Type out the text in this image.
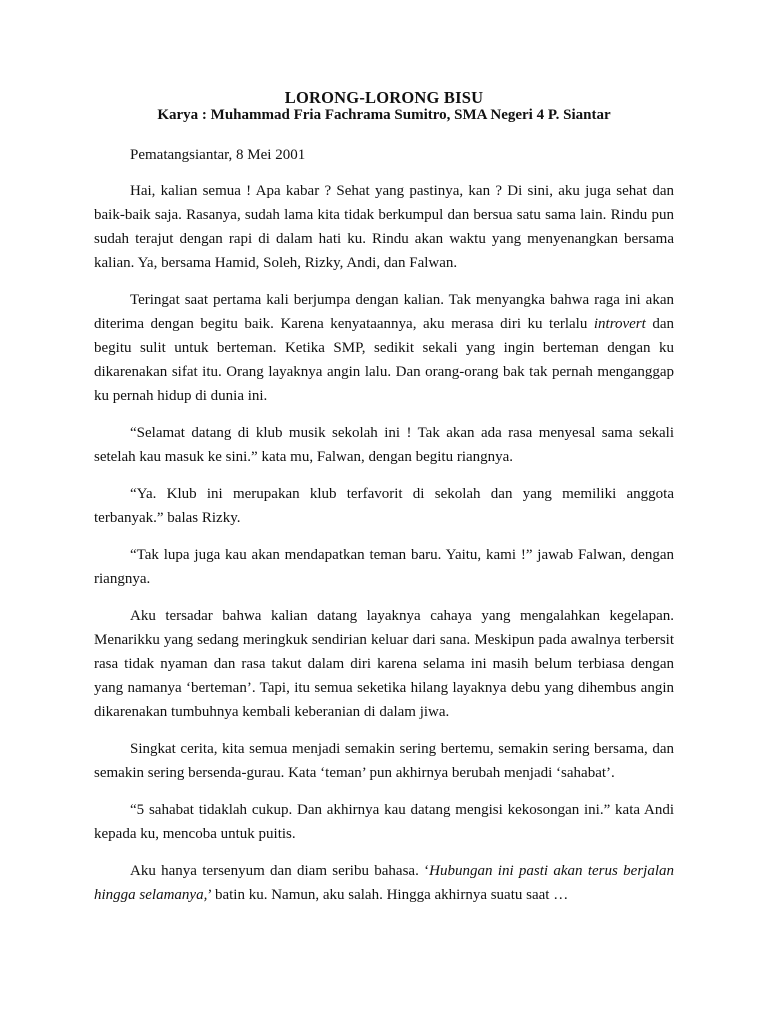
LORONG-LORONG BISU
Karya : Muhammad Fria Fachrama Sumitro, SMA Negeri 4 P. Siantar

Pematangsiantar, 8 Mei 2001

Hai, kalian semua ! Apa kabar ? Sehat yang pastinya, kan ? Di sini, aku juga sehat dan baik-baik saja. Rasanya, sudah lama kita tidak berkumpul dan bersua satu sama lain. Rindu pun sudah terajut dengan rapi di dalam hati ku. Rindu akan waktu yang menyenangkan bersama kalian. Ya, bersama Hamid, Soleh, Rizky, Andi, dan Falwan.

Teringat saat pertama kali berjumpa dengan kalian. Tak menyangka bahwa raga ini akan diterima dengan begitu baik. Karena kenyataannya, aku merasa diri ku terlalu introvert dan begitu sulit untuk berteman. Ketika SMP, sedikit sekali yang ingin berteman dengan ku dikarenakan sifat itu. Orang layaknya angin lalu. Dan orang-orang bak tak pernah menganggap ku pernah hidup di dunia ini.

“Selamat datang di klub musik sekolah ini ! Tak akan ada rasa menyesal sama sekali setelah kau masuk ke sini.” kata mu, Falwan, dengan begitu riangnya.

“Ya. Klub ini merupakan klub terfavorit di sekolah dan yang memiliki anggota terbanyak.” balas Rizky.

“Tak lupa juga kau akan mendapatkan teman baru. Yaitu, kami !” jawab Falwan, dengan riangnya.

Aku tersadar bahwa kalian datang layaknya cahaya yang mengalahkan kegelapan. Menarikku yang sedang meringkuk sendirian keluar dari sana. Meskipun pada awalnya terbersit rasa tidak nyaman dan rasa takut dalam diri karena selama ini masih belum terbiasa dengan yang namanya ‘berteman’. Tapi, itu semua seketika hilang layaknya debu yang dihembus angin dikarenakan tumbuhnya kembali keberanian di dalam jiwa.

Singkat cerita, kita semua menjadi semakin sering bertemu, semakin sering bersama, dan semakin sering bersenda-gurau. Kata ‘teman’ pun akhirnya berubah menjadi ‘sahabat’.

“5 sahabat tidaklah cukup. Dan akhirnya kau datang mengisi kekosongan ini.” kata Andi kepada ku, mencoba untuk puitis.

Aku hanya tersenyum dan diam seribu bahasa. ‘Hubungan ini pasti akan terus berjalan hingga selamanya,’ batin ku. Namun, aku salah. Hingga akhirnya suatu saat …
